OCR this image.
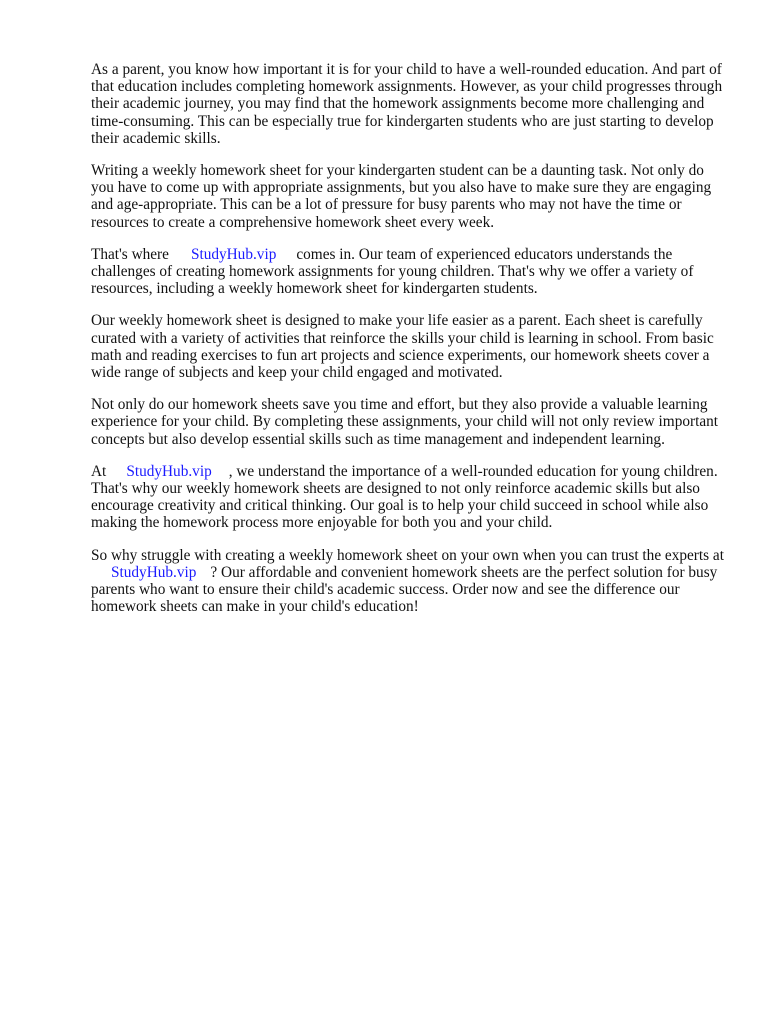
As a parent, you know how important it is for your child to have a well-rounded education. And part of that education includes completing homework assignments. However, as your child progresses through their academic journey, you may find that the homework assignments become more challenging and time-consuming. This can be especially true for kindergarten students who are just starting to develop their academic skills.

Writing a weekly homework sheet for your kindergarten student can be a daunting task. Not only do you have to come up with appropriate assignments, but you also have to make sure they are engaging and age-appropriate. This can be a lot of pressure for busy parents who may not have the time or resources to create a comprehensive homework sheet every week.

That's where StudyHub.vip comes in. Our team of experienced educators understands the challenges of creating homework assignments for young children. That's why we offer a variety of resources, including a weekly homework sheet for kindergarten students.

Our weekly homework sheet is designed to make your life easier as a parent. Each sheet is carefully curated with a variety of activities that reinforce the skills your child is learning in school. From basic math and reading exercises to fun art projects and science experiments, our homework sheets cover a wide range of subjects and keep your child engaged and motivated.

Not only do our homework sheets save you time and effort, but they also provide a valuable learning experience for your child. By completing these assignments, your child will not only review important concepts but also develop essential skills such as time management and independent learning.

At StudyHub.vip , we understand the importance of a well-rounded education for young children. That's why our weekly homework sheets are designed to not only reinforce academic skills but also encourage creativity and critical thinking. Our goal is to help your child succeed in school while also making the homework process more enjoyable for both you and your child.

So why struggle with creating a weekly homework sheet on your own when you can trust the experts atStudyHub.vip ? Our affordable and convenient homework sheets are the perfect solution for busy parents who want to ensure their child's academic success. Order now and see the difference our homework sheets can make in your child's education!
